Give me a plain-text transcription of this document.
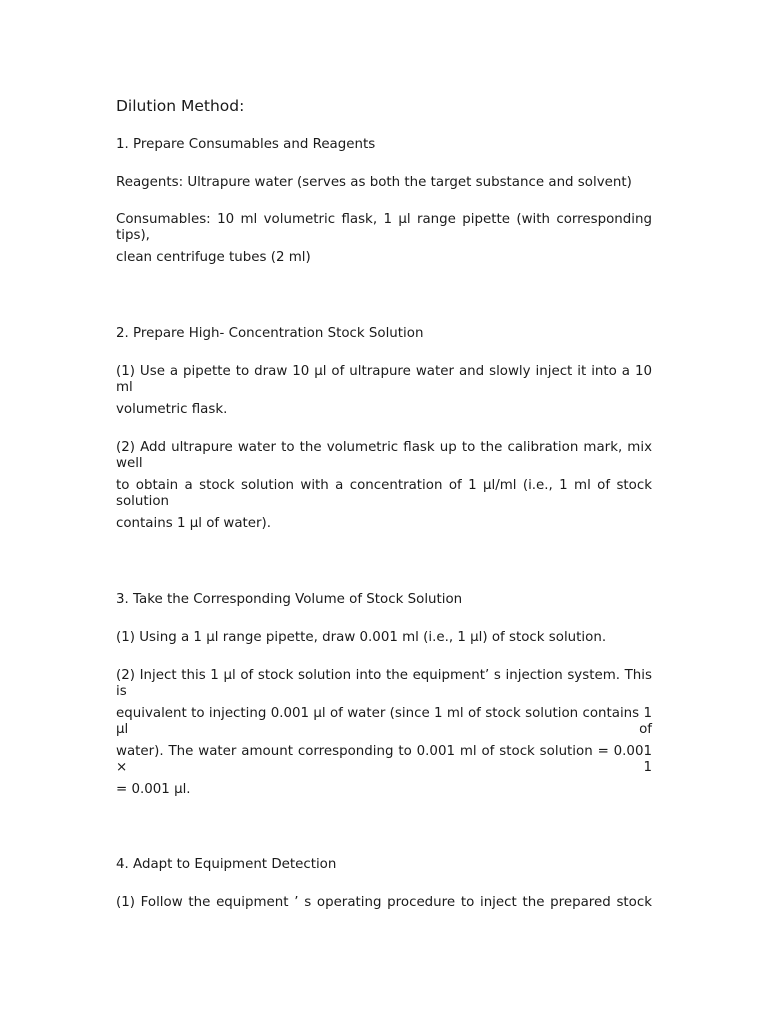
Dilution Method:
1. Prepare Consumables and Reagents
Reagents: Ultrapure water (serves as both the target substance and solvent)
Consumables: 10 ml volumetric flask, 1 μl range pipette (with corresponding tips),
clean centrifuge tubes (2 ml)
2. Prepare High- Concentration Stock Solution
(1) Use a pipette to draw 10 μl of ultrapure water and slowly inject it into a 10 ml
volumetric flask.
(2) Add ultrapure water to the volumetric flask up to the calibration mark, mix well
to obtain a stock solution with a concentration of 1 μl/ml (i.e., 1 ml of stock solution
contains 1 μl of water).
3. Take the Corresponding Volume of Stock Solution
(1) Using a 1 μl range pipette, draw 0.001 ml (i.e., 1 μl) of stock solution.
(2) Inject this 1 μl of stock solution into the equipment’ s injection system. This is
equivalent to injecting 0.001 μl of water (since 1 ml of stock solution contains 1 μl of
water). The water amount corresponding to 0.001 ml of stock solution = 0.001 × 1
= 0.001 μl.
4. Adapt to Equipment Detection
(1) Follow the equipment ’ s operating procedure to inject the prepared stock
